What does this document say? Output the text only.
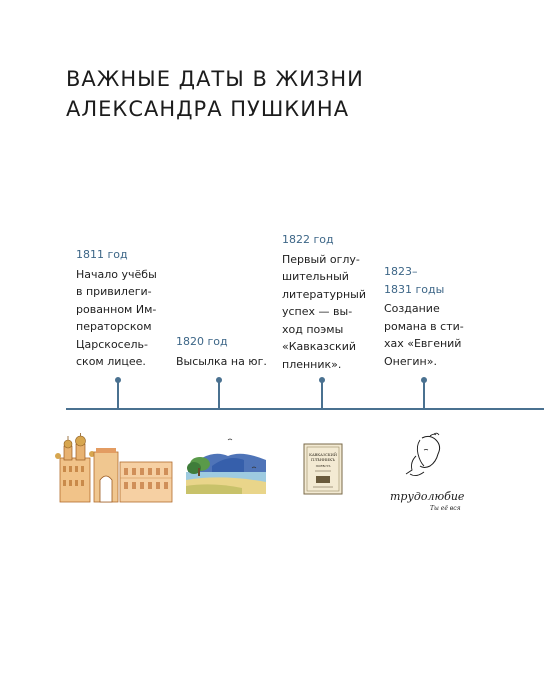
ВАЖНЫЕ ДАТЫ В ЖИЗНИ
АЛЕКСАНДРА ПУШКИНА
1811 год
Начало учёбы
в привилеги-
рованном Им-
ператорском
Царскосель-
ском лицее.
1820 год
Высылка на юг.
1822 год
Первый оглу-
шительный
литературный
успех — вы-
ход поэмы
«Кавказский
пленник».
1823–
1831 годы
Создание
романа в сти-
хах «Евгений
Онегин».
КАВКАЗСКИЙ
ПЛѢННИКЪ
ПОВѢСТЬ
трудолюбие
Ты её вся
